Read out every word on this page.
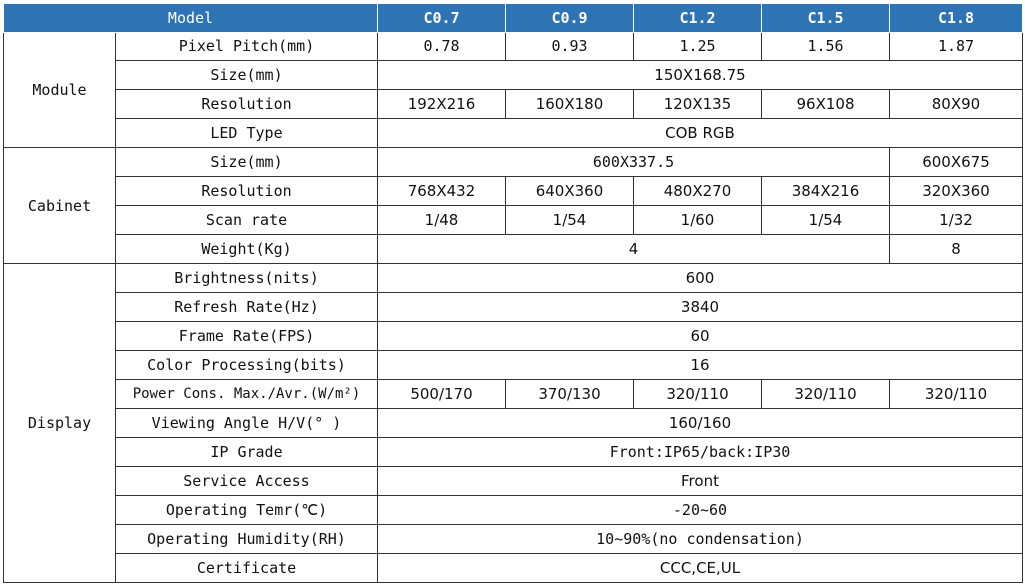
Model		C0.7	C0.9	C1.2	C1.5	C1.8
Module	Pixel Pitch(mm)	0.78	0.93	1.25	1.56	1.87
	Size(mm)	150X168.75				
	Resolution	192X216	160X180	120X135	96X108	80X90
	LED Type	COB RGB				
Cabinet	Size(mm)	600X337.5				600X675
	Resolution	768X432	640X360	480X270	384X216	320X360
	Scan rate	1/48	1/54	1/60	1/54	1/32
	Weight(Kg)	4				8
Display	Brightness(nits)	600				
	Refresh Rate(Hz)	3840				
	Frame Rate(FPS)	60				
	Color Processing(bits)	16				
	Power Cons. Max./Avr.(W/m²)	500/170	370/130	320/110	320/110	320/110
	Viewing Angle H/V(° )	160/160				
	IP Grade	Front:IP65/back:IP30				
	Service Access	Front				
	Operating Temr(℃)	-20~60				
	Operating Humidity(RH)	10~90%(no condensation)				
	Certificate	CCC,CE,UL				
